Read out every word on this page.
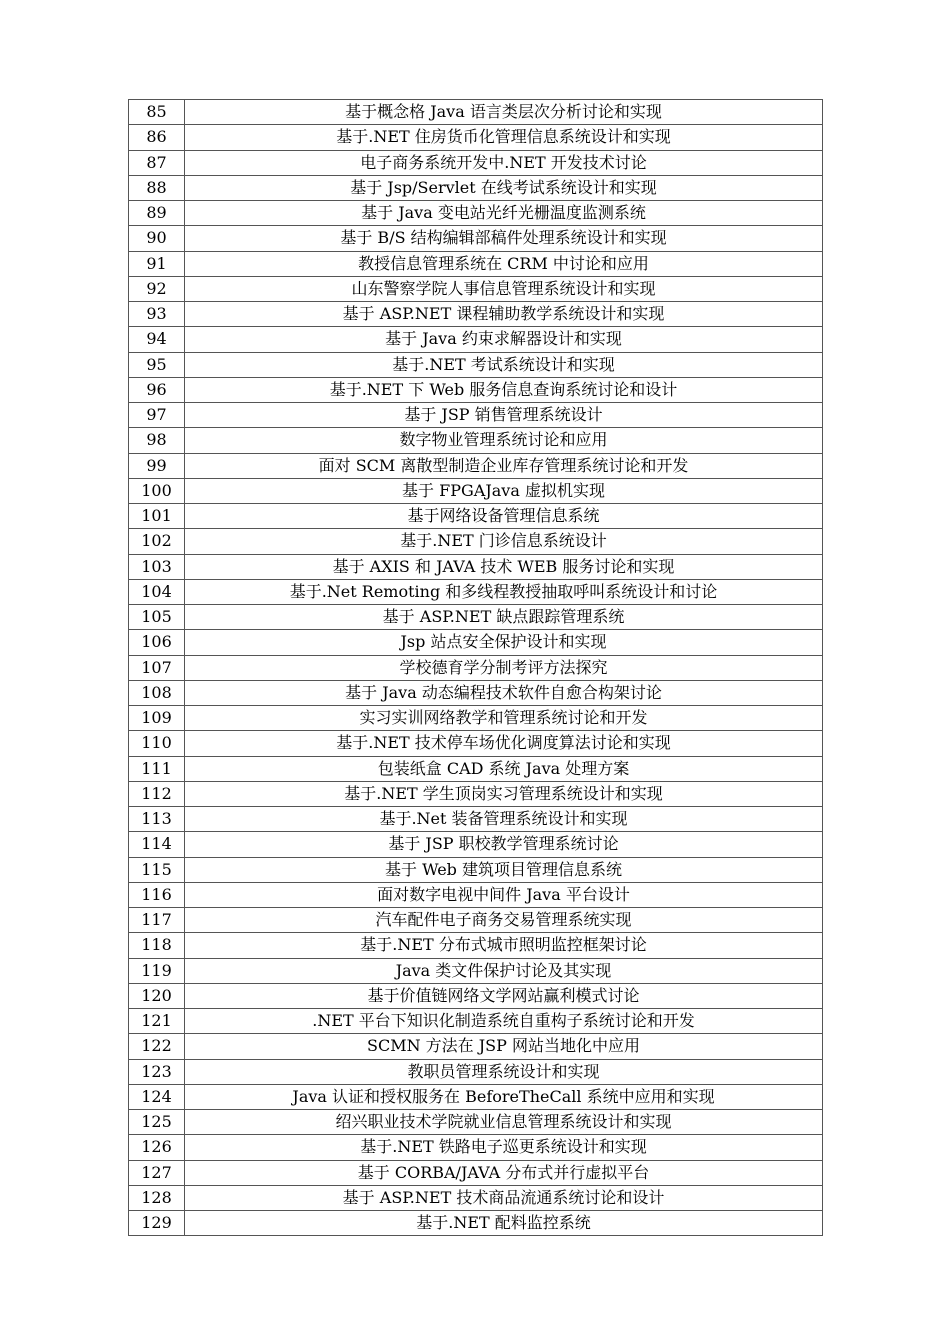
85	基于概念格 Java 语言类层次分析讨论和实现
86	基于.NET 住房货币化管理信息系统设计和实现
87	电子商务系统开发中.NET 开发技术讨论
88	基于 Jsp/Servlet 在线考试系统设计和实现
89	基于 Java 变电站光纤光栅温度监测系统
90	基于 B/S 结构编辑部稿件处理系统设计和实现
91	教授信息管理系统在 CRM 中讨论和应用
92	山东警察学院人事信息管理系统设计和实现
93	基于 ASP.NET 课程辅助教学系统设计和实现
94	基于 Java 约束求解器设计和实现
95	基于.NET 考试系统设计和实现
96	基于.NET 下 Web 服务信息查询系统讨论和设计
97	基于 JSP 销售管理系统设计
98	数字物业管理系统讨论和应用
99	面对 SCM 离散型制造企业库存管理系统讨论和开发
100	基于 FPGAJava 虚拟机实现
101	基于网络设备管理信息系统
102	基于.NET 门诊信息系统设计
103	基于 AXIS 和 JAVA 技术 WEB 服务讨论和实现
104	基于.Net Remoting 和多线程教授抽取呼叫系统设计和讨论
105	基于 ASP.NET 缺点跟踪管理系统
106	Jsp 站点安全保护设计和实现
107	学校德育学分制考评方法探究
108	基于 Java 动态编程技术软件自愈合构架讨论
109	实习实训网络教学和管理系统讨论和开发
110	基于.NET 技术停车场优化调度算法讨论和实现
111	包装纸盒 CAD 系统 Java 处理方案
112	基于.NET 学生顶岗实习管理系统设计和实现
113	基于.Net 装备管理系统设计和实现
114	基于 JSP 职校教学管理系统讨论
115	基于 Web 建筑项目管理信息系统
116	面对数字电视中间件 Java 平台设计
117	汽车配件电子商务交易管理系统实现
118	基于.NET 分布式城市照明监控框架讨论
119	Java 类文件保护讨论及其实现
120	基于价值链网络文学网站赢利模式讨论
121	.NET 平台下知识化制造系统自重构子系统讨论和开发
122	SCMN 方法在 JSP 网站当地化中应用
123	教职员管理系统设计和实现
124	Java 认证和授权服务在 BeforeTheCall 系统中应用和实现
125	绍兴职业技术学院就业信息管理系统设计和实现
126	基于.NET 铁路电子巡更系统设计和实现
127	基于 CORBA/JAVA 分布式并行虚拟平台
128	基于 ASP.NET 技术商品流通系统讨论和设计
129	基于.NET 配料监控系统
